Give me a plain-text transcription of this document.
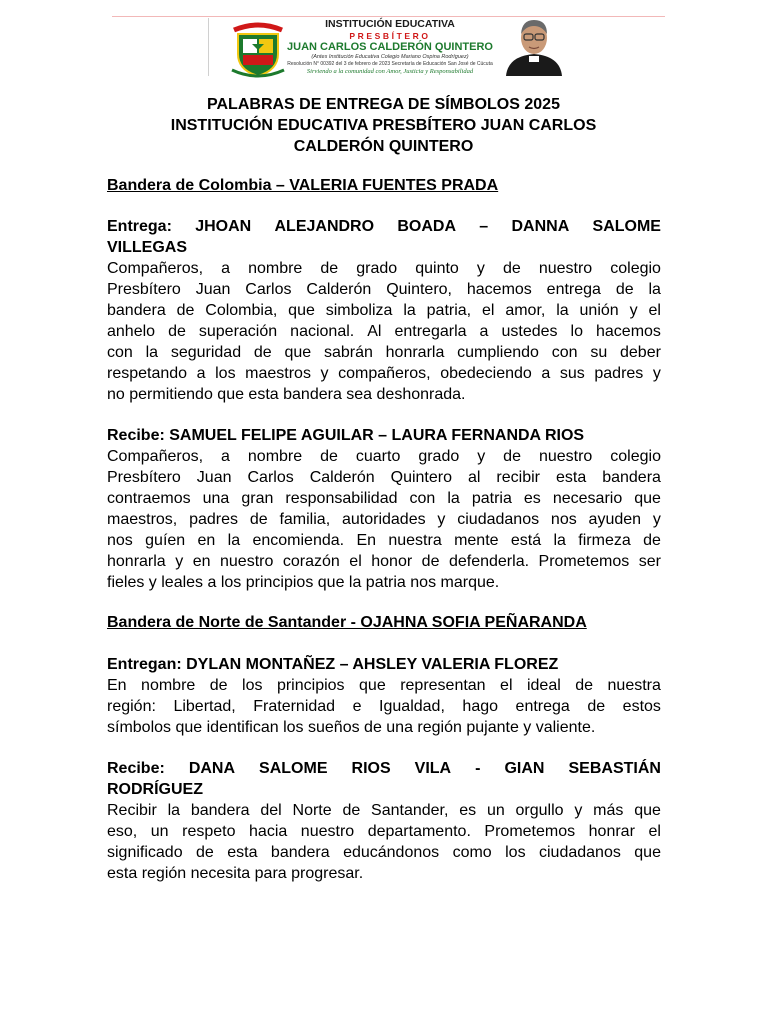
INSTITUCIÓN EDUCATIVA
PRESBÍTERO
JUAN CARLOS CALDERÓN QUINTERO
(Antes Institución Educativa Colegio Mariano Ospina Rodríguez)
Resolución N° 00392 del 3 de febrero de 2023 Secretaría de Educación San José de Cúcuta
Sirviendo a la comunidad con Amor, Justicia y Responsabilidad
PALABRAS DE ENTREGA DE SÍMBOLOS 2025
INSTITUCIÓN EDUCATIVA PRESBÍTERO JUAN CARLOS
CALDERÓN QUINTERO
Bandera de Colombia – VALERIA FUENTES PRADA
Entrega: JHOAN ALEJANDRO BOADA – DANNA SALOME
VILLEGAS
Compañeros, a nombre de grado quinto y de nuestro colegio
Presbítero Juan Carlos Calderón Quintero, hacemos entrega de la
bandera de Colombia, que simboliza la patria, el amor, la unión y el
anhelo de superación nacional. Al entregarla a ustedes lo hacemos
con la seguridad de que sabrán honrarla cumpliendo con su deber
respetando a los maestros y compañeros, obedeciendo a sus padres y
no permitiendo que esta bandera sea deshonrada.
Recibe: SAMUEL FELIPE AGUILAR – LAURA FERNANDA RIOS
Compañeros, a nombre de cuarto grado y de nuestro colegio
Presbítero Juan Carlos Calderón Quintero al recibir esta bandera
contraemos una gran responsabilidad con la patria es necesario que
maestros, padres de familia, autoridades y ciudadanos nos ayuden y
nos guíen en la encomienda. En nuestra mente está la firmeza de
honrarla y en nuestro corazón el honor de defenderla. Prometemos ser
fieles y leales a los principios que la patria nos marque.
Bandera de Norte de Santander - OJAHNA SOFIA PEÑARANDA
Entregan: DYLAN MONTAÑEZ – AHSLEY VALERIA FLOREZ
En nombre de los principios que representan el ideal de nuestra
región: Libertad, Fraternidad e Igualdad, hago entrega de estos
símbolos que identifican los sueños de una región pujante y valiente.
Recibe: DANA SALOME RIOS VILA - GIAN SEBASTIÁN
RODRÍGUEZ
Recibir la bandera del Norte de Santander, es un orgullo y más que
eso, un respeto hacia nuestro departamento. Prometemos honrar el
significado de esta bandera educándonos como los ciudadanos que
esta región necesita para progresar.
